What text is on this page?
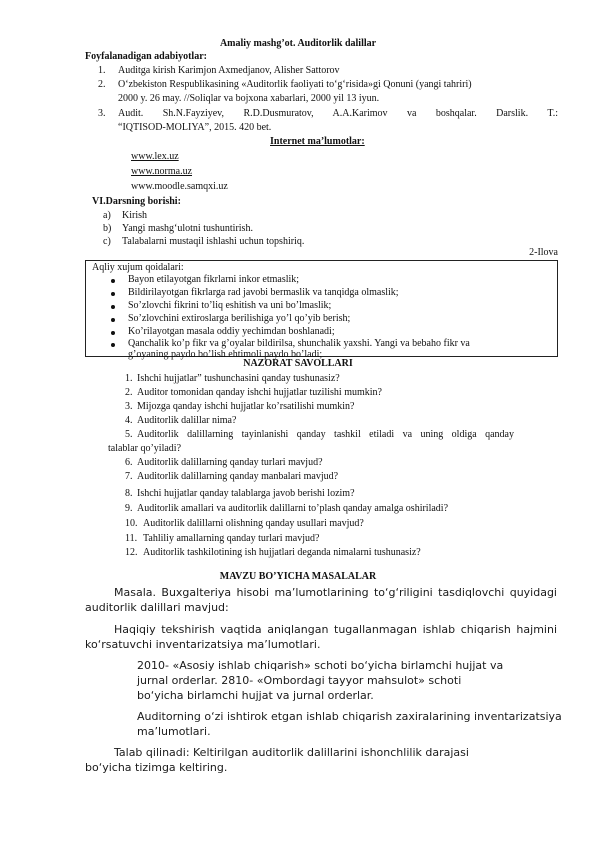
Amaliy mashg’ot. Auditorlik dalillar
Foyfalanadigan adabiyotlar:
1. Auditga kirish Karimjon Axmedjanov, Alisher Sattorov
2. O‘zbekiston Respublikasining «Auditorlik faoliyati to‘g‘risida»gi Qonuni (yangi tahriri)
2000 y. 26 may. //Soliqlar va bojxona xabarlari, 2000 yil 13 iyun.
3. Audit. Sh.N.Fayziyev, R.D.Dusmuratov, A.A.Karimov va boshqalar. Darslik. T.:
“IQTISOD-MOLIYA”, 2015. 420 bet.
Internet ma’lumotlar:
www.lex.uz
www.norma.uz
www.moodle.samqxi.uz
VI.Darsning borishi:
a) Kirish
b) Yangi mashg‘ulotni tushuntirish.
c) Talabalarni mustaqil ishlashi uchun topshiriq.
2-Ilova
Aqliy xujum qoidalari:
Bayon etilayotgan fikrlarni inkor etmaslik;
Bildirilayotgan fikrlarga rad javobi bermaslik va tanqidga olmaslik;
So’zlovchi fikrini to’liq eshitish va uni bo’lmaslik;
So’zlovchini extiroslarga berilishiga yo’l qo’yib berish;
Ko’rilayotgan masala oddiy yechimdan boshlanadi;
Qanchalik ko’p fikr va g’oyalar bildirilsa, shunchalik yaxshi. Yangi va bebaho fikr va
g’oyaning paydo bo’lish ehtimoli paydo bo’ladi;
NAZORAT SAVOLLARI
1. Ishchi hujjatlar” tushunchasini qanday tushunasiz?
2. Auditor tomonidan qanday ishchi hujjatlar tuzilishi mumkin?
3. Mijozga qanday ishchi hujjatlar ko’rsatilishi mumkin?
4. Auditorlik dalillar nima?
5. Auditorlik dalillarning tayinlanishi qanday tashkil etiladi va uning oldiga qanday
talablar qo’yiladi?
6. Auditorlik dalillarning qanday turlari mavjud?
7. Auditorlik dalillarning qanday manbalari mavjud?
8. Ishchi hujjatlar qanday talablarga javob berishi lozim?
9. Auditorlik amallari va auditorlik dalillarni to’plash qanday amalga oshiriladi?
10. Auditorlik dalillarni olishning qanday usullari mavjud?
11. Tahliliy amallarning qanday turlari mavjud?
12. Auditorlik tashkilotining ish hujjatlari deganda nimalarni tushunasiz?
MAVZU BO’YICHA MASALALAR
Masala. Buxgalteriya hisobi ma’lumotlarining to‘g‘riligini tasdiqlovchi quyidagi
auditorlik dalillari mavjud:
Haqiqiy tekshirish vaqtida aniqlangan tugallanmagan ishlab chiqarish hajmini
ko‘rsatuvchi inventarizatsiya ma’lumotlari.
2010- «Asosiy ishlab chiqarish» schoti bo‘yicha birlamchi hujjat va
jurnal orderlar. 2810- «Ombordagi tayyor mahsulot» schoti
bo‘yicha birlamchi hujjat va jurnal orderlar.
Auditorning o‘zi ishtirok etgan ishlab chiqarish zaxiralarining inventarizatsiya
ma’lumotlari.
Talab qilinadi: Keltirilgan auditorlik dalillarini ishonchlilik darajasi
bo‘yicha tizimga keltiring.
